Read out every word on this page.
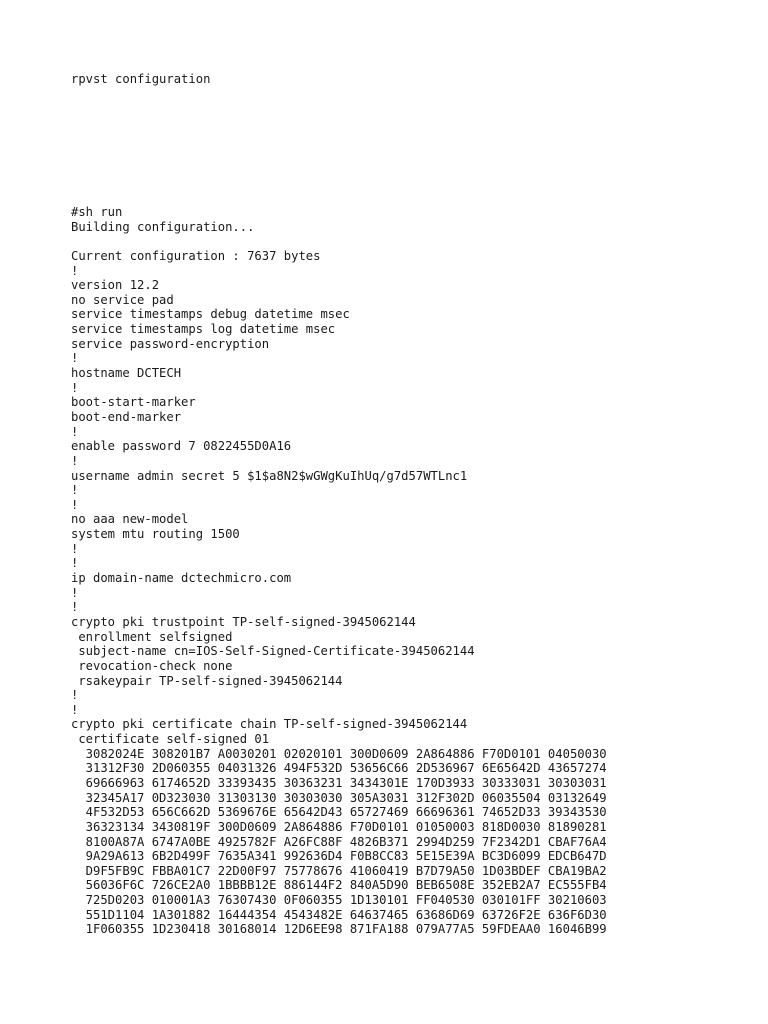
rpvst configuration
#sh run
Building configuration...
Current configuration : 7637 bytes
!
version 12.2
no service pad
service timestamps debug datetime msec
service timestamps log datetime msec
service password-encryption
!
hostname DCTECH
!
boot-start-marker
boot-end-marker
!
enable password 7 0822455D0A16
!
username admin secret 5 $1$a8N2$wGWgKuIhUq/g7d57WTLnc1
!
!
no aaa new-model
system mtu routing 1500
!
!
ip domain-name dctechmicro.com
!
!
crypto pki trustpoint TP-self-signed-3945062144
enrollment selfsigned
subject-name cn=IOS-Self-Signed-Certificate-3945062144
revocation-check none
rsakeypair TP-self-signed-3945062144
!
!
crypto pki certificate chain TP-self-signed-3945062144
certificate self-signed 01
3082024E 308201B7 A0030201 02020101 300D0609 2A864886 F70D0101 04050030
31312F30 2D060355 04031326 494F532D 53656C66 2D536967 6E65642D 43657274
69666963 6174652D 33393435 30363231 3434301E 170D3933 30333031 30303031
32345A17 0D323030 31303130 30303030 305A3031 312F302D 06035504 03132649
4F532D53 656C662D 5369676E 65642D43 65727469 66696361 74652D33 39343530
36323134 3430819F 300D0609 2A864886 F70D0101 01050003 818D0030 81890281
8100A87A 6747A0BE 4925782F A26FC88F 4826B371 2994D259 7F2342D1 CBAF76A4
9A29A613 6B2D499F 7635A341 992636D4 F0B8CC83 5E15E39A BC3D6099 EDCB647D
D9F5FB9C FBBA01C7 22D00F97 75778676 41060419 B7D79A50 1D03BDEF CBA19BA2
56036F6C 726CE2A0 1BBBB12E 886144F2 840A5D90 BEB6508E 352EB2A7 EC555FB4
725D0203 010001A3 76307430 0F060355 1D130101 FF040530 030101FF 30210603
551D1104 1A301882 16444354 4543482E 64637465 63686D69 63726F2E 636F6D30
1F060355 1D230418 30168014 12D6EE98 871FA188 079A77A5 59FDEAA0 16046B99
